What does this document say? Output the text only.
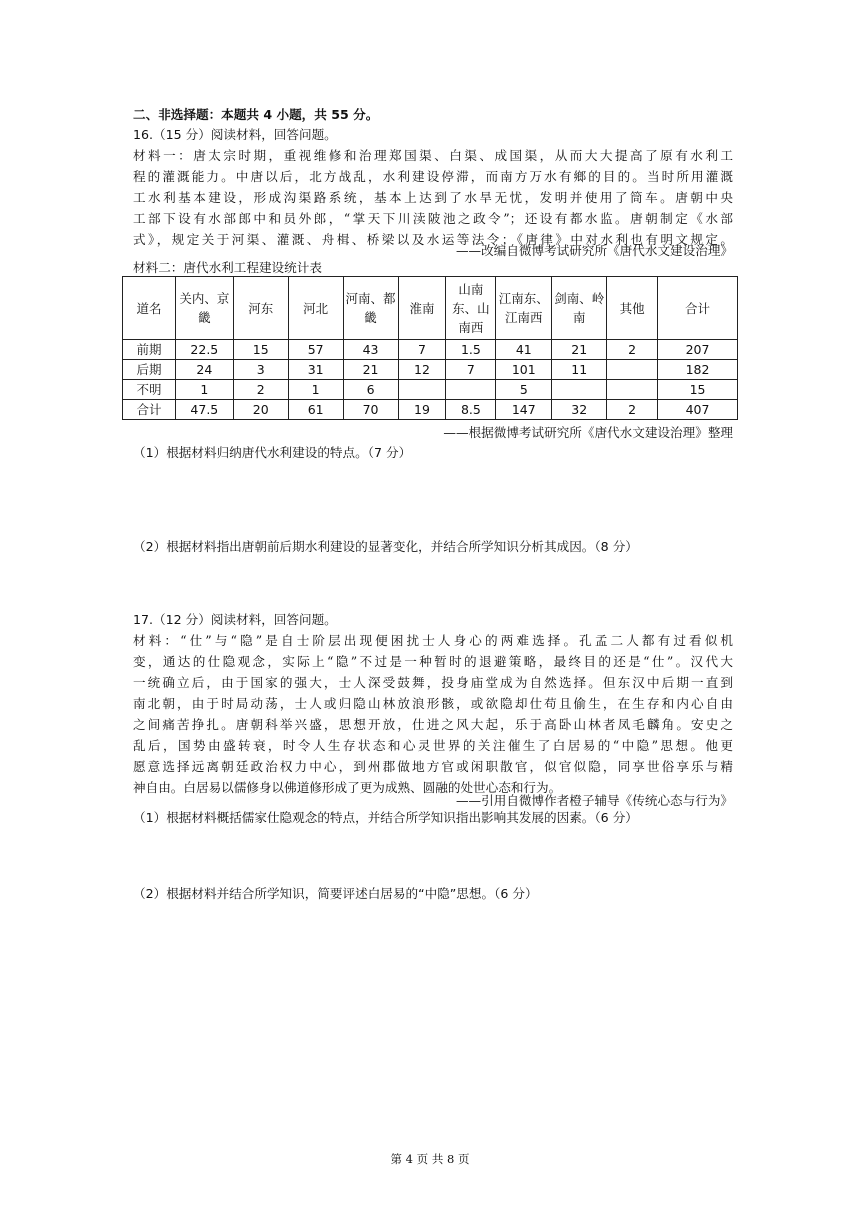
二、非选择题：本题共 4 小题，共 55 分。
16.（15 分）阅读材料，回答问题。
材料一：唐太宗时期，重视维修和治理郑国渠、白渠、成国渠，从而大大提高了原有水利工
程的灌溉能力。中唐以后，北方战乱，水利建设停滞，而南方万水有鄉的目的。当时所用灌溉
工水利基本建设，形成沟渠路系统，基本上达到了水旱无忧，发明并使用了筒车。唐朝中央
工部下设有水部郎中和员外郎，“掌天下川渎陂池之政令”；还设有都水监。唐朝制定《水部
式》，规定关于河渠、灌溉、舟楫、桥梁以及水运等法令；《唐律》中对水利也有明文规定。
——改编自微博考试研究所《唐代水文建设治理》
材料二：唐代水利工程建设统计表
道名	关内、京畿	河东	河北	河南、都畿	淮南	山南东、山南西	江南东、江南西	剑南、岭南	其他	合计
前期	22.5	15	57	43	7	1.5	41	21	2	207
后期	24	3	31	21	12	7	101	11		182
不明	1	2	1	6			5			15
合计	47.5	20	61	70	19	8.5	147	32	2	407
——根据微博考试研究所《唐代水文建设治理》整理
（1）根据材料归纳唐代水利建设的特点。（7 分）
（2）根据材料指出唐朝前后期水利建设的显著变化，并结合所学知识分析其成因。（8 分）
17.（12 分）阅读材料，回答问题。
材料：“仕”与“隐”是自士阶层出现便困扰士人身心的两难选择。孔孟二人都有过看似机
变，通达的仕隐观念，实际上“隐”不过是一种暂时的退避策略，最终目的还是“仕”。汉代大
一统确立后，由于国家的强大，士人深受鼓舞，投身庙堂成为自然选择。但东汉中后期一直到
南北朝，由于时局动荡，士人或归隐山林放浪形骸，或欲隐却仕苟且偷生，在生存和内心自由
之间痛苦挣扎。唐朝科举兴盛，思想开放，仕进之风大起，乐于高卧山林者凤毛麟角。安史之
乱后，国势由盛转衰，时令人生存状态和心灵世界的关注催生了白居易的“中隐”思想。他更
愿意选择远离朝廷政治权力中心，到州郡做地方官或闲职散官，似官似隐，同享世俗享乐与精
神自由。白居易以儒修身以佛道修形成了更为成熟、圆融的处世心态和行为。
——引用自微博作者橙子辅导《传统心态与行为》
（1）根据材料概括儒家仕隐观念的特点，并结合所学知识指出影响其发展的因素。（6 分）
（2）根据材料并结合所学知识，简要评述白居易的“中隐”思想。（6 分）
第 4 页 共 8 页
